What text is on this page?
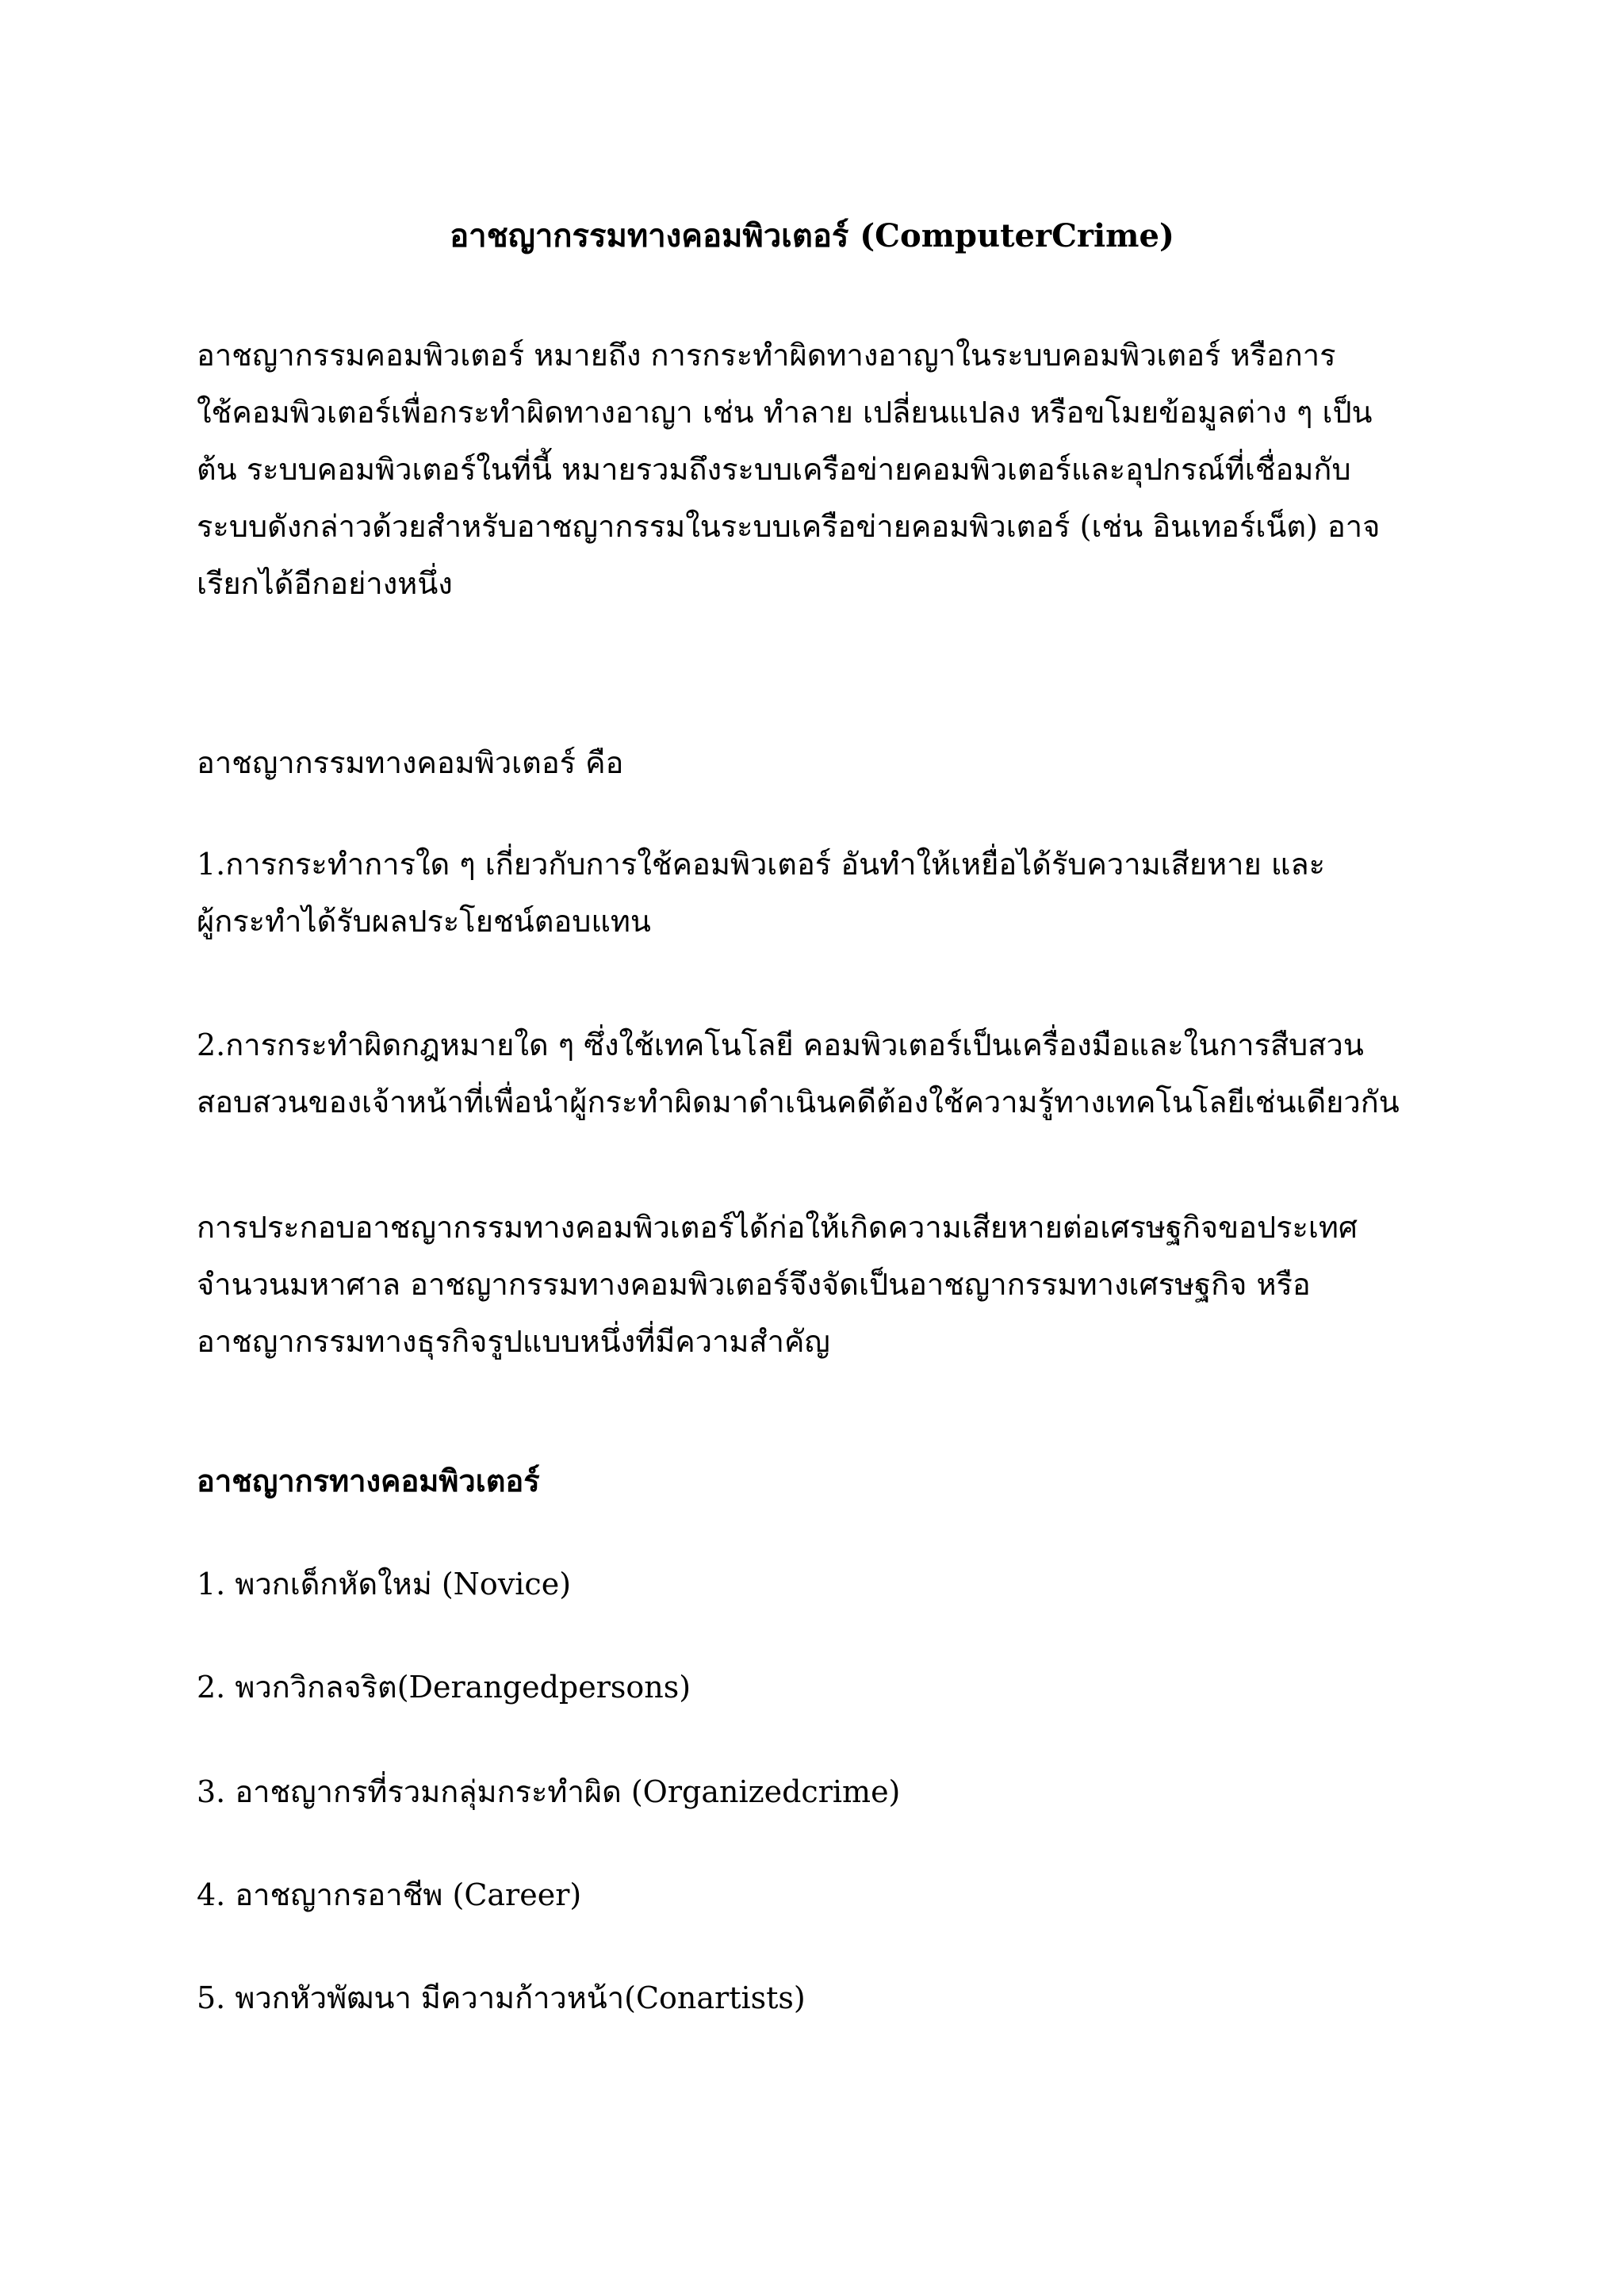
อาชญากรรมทางคอมพิวเตอร์ (ComputerCrime)
อาชญากรรมคอมพิวเตอร์ หมายถึง การกระทำผิดทางอาญาในระบบคอมพิวเตอร์ หรือการ
ใช้คอมพิวเตอร์เพื่อกระทำผิดทางอาญา เช่น ทำลาย เปลี่ยนแปลง หรือขโมยข้อมูลต่าง ๆ เป็น
ต้น ระบบคอมพิวเตอร์ในที่นี้ หมายรวมถึงระบบเครือข่ายคอมพิวเตอร์และอุปกรณ์ที่เชื่อมกับ
ระบบดังกล่าวด้วยสำหรับอาชญากรรมในระบบเครือข่ายคอมพิวเตอร์ (เช่น อินเทอร์เน็ต) อาจ
เรียกได้อีกอย่างหนึ่ง
อาชญากรรมทางคอมพิวเตอร์ คือ
1.การกระทำการใด ๆ เกี่ยวกับการใช้คอมพิวเตอร์ อันทำให้เหยื่อได้รับความเสียหาย และ
ผู้กระทำได้รับผลประโยชน์ตอบแทน
2.การกระทำผิดกฎหมายใด ๆ ซึ่งใช้เทคโนโลยี คอมพิวเตอร์เป็นเครื่องมือและในการสืบสวน
สอบสวนของเจ้าหน้าที่เพื่อนำผู้กระทำผิดมาดำเนินคดีต้องใช้ความรู้ทางเทคโนโลยีเช่นเดียวกัน
การประกอบอาชญากรรมทางคอมพิวเตอร์ได้ก่อให้เกิดความเสียหายต่อเศรษฐกิจขอประเทศ
จำนวนมหาศาล อาชญากรรมทางคอมพิวเตอร์จึงจัดเป็นอาชญากรรมทางเศรษฐกิจ หรือ
อาชญากรรมทางธุรกิจรูปแบบหนึ่งที่มีความสำคัญ
อาชญากรทางคอมพิวเตอร์
1. พวกเด็กหัดใหม่ (Novice)
2. พวกวิกลจริต(Derangedpersons)
3. อาชญากรที่รวมกลุ่มกระทำผิด (Organizedcrime)
4. อาชญากรอาชีพ (Career)
5. พวกหัวพัฒนา มีความก้าวหน้า(Conartists)
